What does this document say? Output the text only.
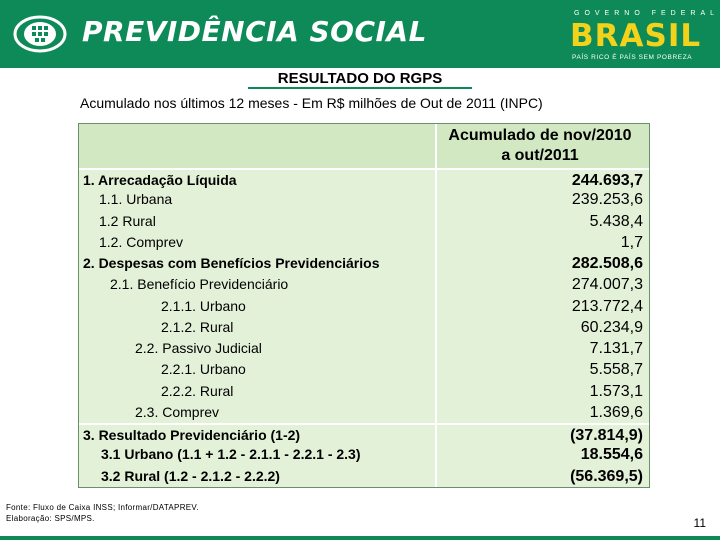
PREVIDÊNCIA SOCIAL
GOVERNO FEDERAL
BRASIL
PAÍS RICO É PAÍS SEM POBREZA
RESULTADO DO RGPS
Acumulado nos últimos 12 meses - Em R$ milhões de Out de 2011 (INPC)
Acumulado de nov/2010
a out/2011
1. Arrecadação Líquida	244.693,7
1.1. Urbana	239.253,6
1.2 Rural	5.438,4
1.2. Comprev	1,7
2. Despesas com Benefícios Previdenciários	282.508,6
2.1. Benefício Previdenciário	274.007,3
2.1.1. Urbano	213.772,4
2.1.2. Rural	60.234,9
2.2. Passivo Judicial	7.131,7
2.2.1. Urbano	5.558,7
2.2.2. Rural	1.573,1
2.3. Comprev	1.369,6
3. Resultado Previdenciário (1-2)	(37.814,9)
3.1 Urbano (1.1 + 1.2 - 2.1.1 - 2.2.1 - 2.3)	18.554,6
3.2 Rural (1.2 - 2.1.2 - 2.2.2)	(56.369,5)
Fonte: Fluxo de Caixa INSS; Informar/DATAPREV.
Elaboração: SPS/MPS.	11
